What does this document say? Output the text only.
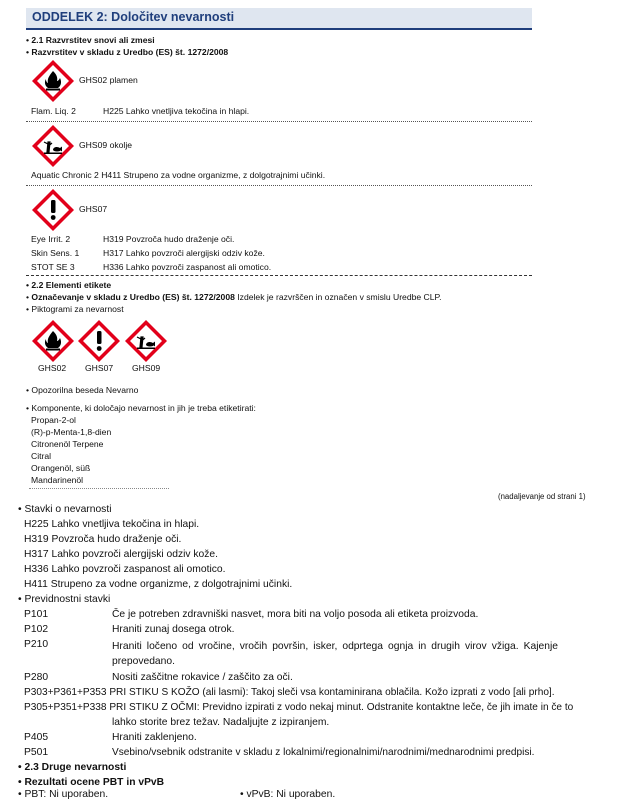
ODDELEK 2: Določitev nevarnosti
• 2.1 Razvrstitev snovi ali zmesi
• Razvrstitev v skladu z Uredbo (ES) št. 1272/2008
GHS02 plamen
Flam. Liq. 2	H225 Lahko vnetljiva tekočina in hlapi.
GHS09 okolje
Aquatic Chronic 2 H411 Strupeno za vodne organizme, z dolgotrajnimi učinki.
GHS07
Eye Irrit. 2	H319 Povzroča hudo draženje oči.
Skin Sens. 1	H317 Lahko povzroči alergijski odziv kože.
STOT SE 3	H336 Lahko povzroči zaspanost ali omotico.
• 2.2 Elementi etikete
• Označevanje v skladu z Uredbo (ES) št. 1272/2008 Izdelek je razvrščen in označen v smislu Uredbe CLP.
• Piktogrami za nevarnost
GHS02 GHS07 GHS09
• Opozorilna beseda Nevarno
• Komponente, ki določajo nevarnost in jih je treba etiketirati:
Propan-2-ol
(R)-p-Menta-1,8-dien
Citronenöl Terpene
Citral
Orangenöl, süß
Mandarinenöl
(nadaljevanje od strani 1)
• Stavki o nevarnosti
H225 Lahko vnetljiva tekočina in hlapi.
H319 Povzroča hudo draženje oči.
H317 Lahko povzroči alergijski odziv kože.
H336 Lahko povzroči zaspanost ali omotico.
H411 Strupeno za vodne organizme, z dolgotrajnimi učinki.
• Previdnostni stavki
P101	Če je potreben zdravniški nasvet, mora biti na voljo posoda ali etiketa proizvoda.
P102	Hraniti zunaj dosega otrok.
P210	Hraniti ločeno od vročine, vročih površin, isker, odprtega ognja in drugih virov vžiga. Kajenje prepovedano.
P280	Nositi zaščitne rokavice / zaščito za oči.
P303+P361+P353 PRI STIKU S KOŽO (ali lasmi): Takoj sleči vsa kontaminirana oblačila. Kožo izprati z vodo [ali prho].
P305+P351+P338 PRI STIKU Z OČMI: Previdno izpirati z vodo nekaj minut. Odstranite kontaktne leče, če jih imate in če to
lahko storite brez težav. Nadaljujte z izpiranjem.
P405	Hraniti zaklenjeno.
P501	Vsebino/vsebnik odstranite v skladu z lokalnimi/regionalnimi/narodnimi/mednarodnimi predpisi.
• 2.3 Druge nevarnosti
• Rezultati ocene PBT in vPvB
• PBT: Ni uporaben.	• vPvB: Ni uporaben.
